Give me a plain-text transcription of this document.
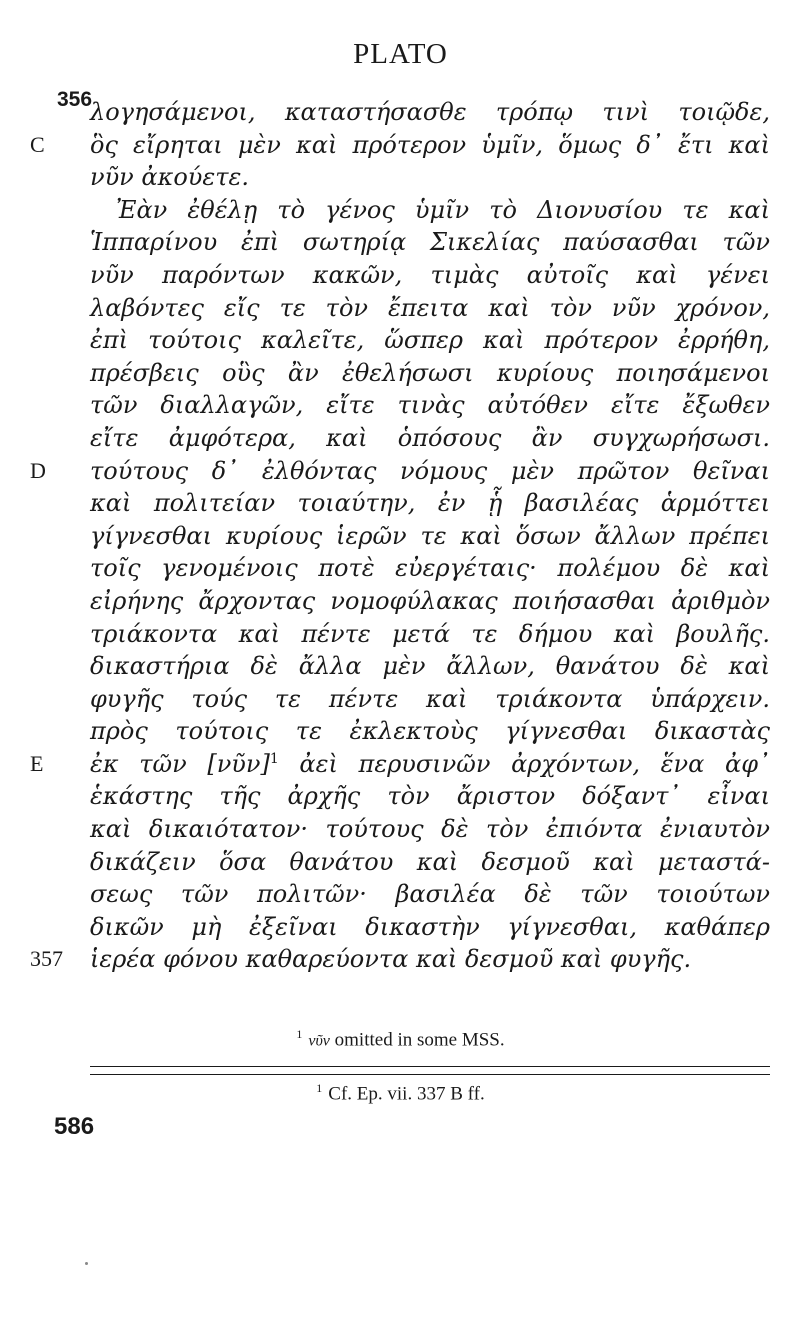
PLATO
356
λογησάμενοι, καταστήσασθε τρόπῳ τινὶ τοιῷδε,
C	ὃς εἴρηται μὲν καὶ πρότερον ὑμῖν, ὅμως δ᾿ ἔτι καὶ
νῦν ἀκούετε.
Ἐὰν ἐθέλῃ τὸ γένος ὑμῖν τὸ Διονυσίου τε καὶ
Ἱππαρίνου ἐπὶ σωτηρίᾳ Σικελίας παύσασθαι τῶν
νῦν παρόντων κακῶν, τιμὰς αὐτοῖς καὶ γένει
λαβόντες εἴς τε τὸν ἔπειτα καὶ τὸν νῦν χρόνον,
ἐπὶ τούτοις καλεῖτε, ὥσπερ καὶ πρότερον ἐρρήθη,
πρέσβεις οὓς ἂν ἐθελήσωσι κυρίους ποιησάμενοι
τῶν διαλλαγῶν, εἴτε τινὰς αὐτόθεν εἴτε ἔξωθεν
εἴτε ἀμφότερα, καὶ ὁπόσους ἂν συγχωρήσωσι.
D	τούτους δ᾿ ἐλθόντας νόμους μὲν πρῶτον θεῖναι
καὶ πολιτείαν τοιαύτην, ἐν ᾗ βασιλέας ἁρμόττει
γίγνεσθαι κυρίους ἱερῶν τε καὶ ὅσων ἄλλων πρέπει
τοῖς γενομένοις ποτὲ εὐεργέταις· πολέμου δὲ καὶ
εἰρήνης ἄρχοντας νομοφύλακας ποιήσασθαι ἀριθμὸν
τριάκοντα καὶ πέντε μετά τε δήμου καὶ βουλῆς.
δικαστήρια δὲ ἄλλα μὲν ἄλλων, θανάτου δὲ καὶ
φυγῆς τούς τε πέντε καὶ τριάκοντα ὑπάρχειν.
πρὸς τούτοις τε ἐκλεκτοὺς γίγνεσθαι δικαστὰς
E	ἐκ τῶν [νῦν]$^1$ ἀεὶ περυσινῶν ἀρχόντων, ἕνα ἀφ᾿
ἑκάστης τῆς ἀρχῆς τὸν ἄριστον δόξαντ᾿ εἶναι
καὶ δικαιότατον· τούτους δὲ τὸν ἐπιόντα ἐνιαυτὸν
δικάζειν ὅσα θανάτου καὶ δεσμοῦ καὶ μεταστά-
σεως τῶν πολιτῶν· βασιλέα δὲ τῶν τοιούτων
δικῶν μὴ ἐξεῖναι δικαστὴν γίγνεσθαι, καθάπερ
357	ἱερέα φόνου καθαρεύοντα καὶ δεσμοῦ καὶ φυγῆς.
$^1$ νῦν omitted in some MSS.
$^1$ Cf. Ep. vii. 337 B ff.
586
